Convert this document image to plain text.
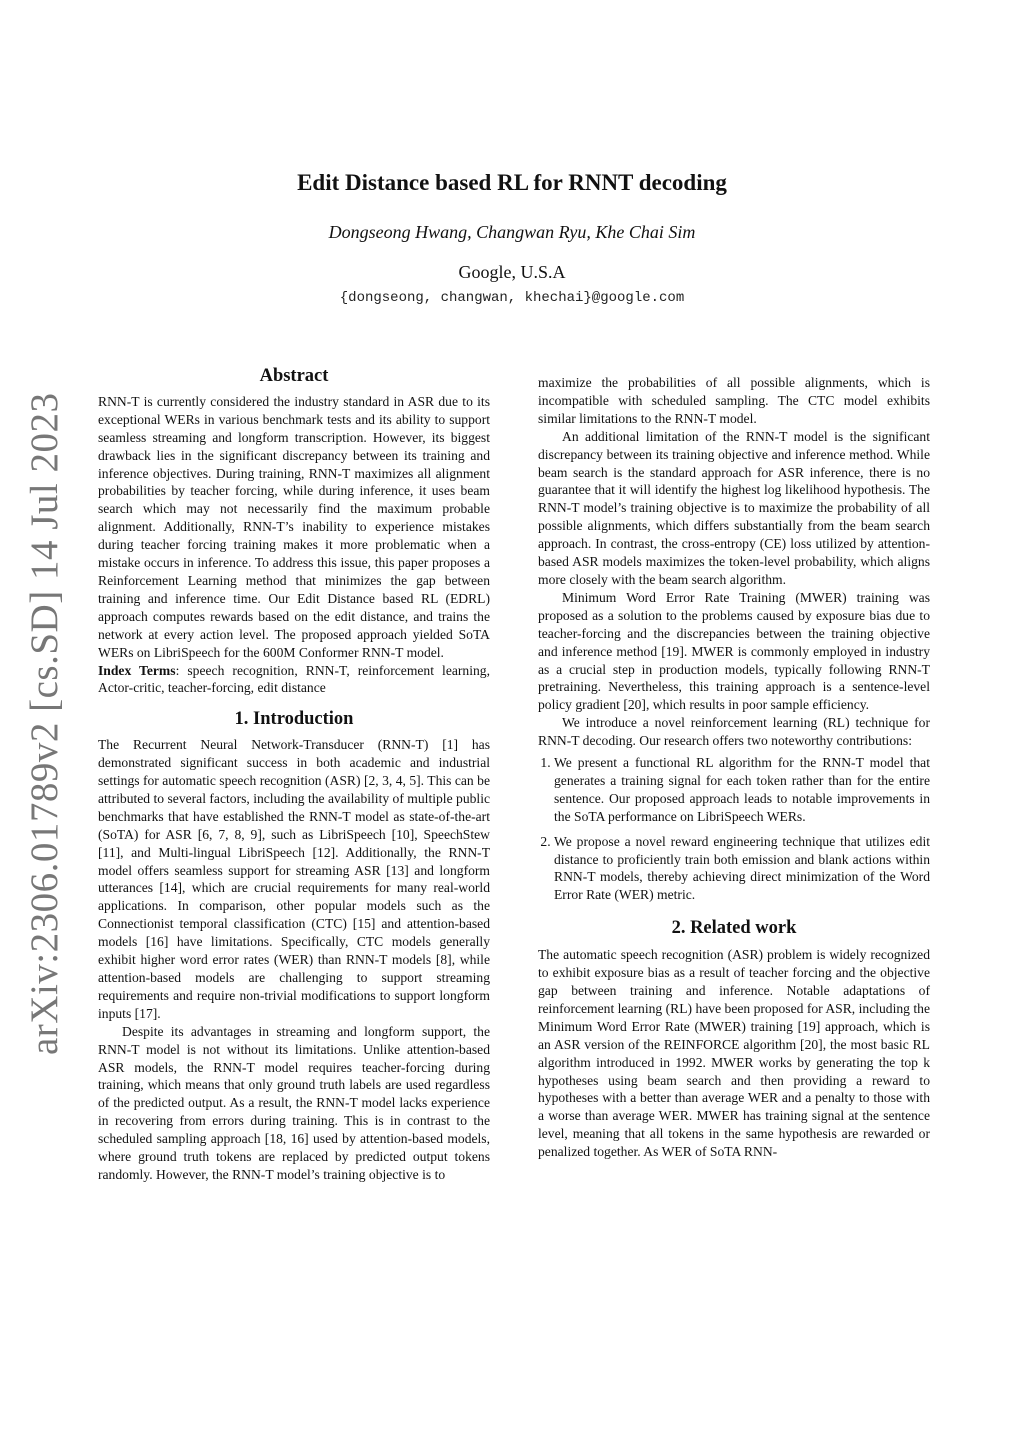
arXiv:2306.01789v2 [cs.SD] 14 Jul 2023
Edit Distance based RL for RNNT decoding
Dongseong Hwang, Changwan Ryu, Khe Chai Sim
Google, U.S.A
{dongseong, changwan, khechai}@google.com
Abstract

RNN-T is currently considered the industry standard in ASR due to its exceptional WERs in various benchmark tests and its ability to support seamless streaming and longform transcription. However, its biggest drawback lies in the significant discrepancy between its training and inference objectives. During training, RNN-T maximizes all alignment probabilities by teacher forcing, while during inference, it uses beam search which may not necessarily find the maximum probable alignment. Additionally, RNN-T’s inability to experience mistakes during teacher forcing training makes it more problematic when a mistake occurs in inference. To address this issue, this paper proposes a Reinforcement Learning method that minimizes the gap between training and inference time. Our Edit Distance based RL (EDRL) approach computes rewards based on the edit distance, and trains the network at every action level. The proposed approach yielded SoTA WERs on LibriSpeech for the 600M Conformer RNN-T model.

Index Terms: speech recognition, RNN-T, reinforcement learning, Actor-critic, teacher-forcing, edit distance

1. Introduction

The Recurrent Neural Network-Transducer (RNN-T) [1] has demonstrated significant success in both academic and industrial settings for automatic speech recognition (ASR) [2, 3, 4, 5]. This can be attributed to several factors, including the availability of multiple public benchmarks that have established the RNN-T model as state-of-the-art (SoTA) for ASR [6, 7, 8, 9], such as LibriSpeech [10], SpeechStew [11], and Multi-lingual LibriSpeech [12]. Additionally, the RNN-T model offers seamless support for streaming ASR [13] and longform utterances [14], which are crucial requirements for many real-world applications. In comparison, other popular models such as the Connectionist temporal classification (CTC) [15] and attention-based models [16] have limitations. Specifically, CTC models generally exhibit higher word error rates (WER) than RNN-T models [8], while attention-based models are challenging to support streaming requirements and require non-trivial modifications to support longform inputs [17].

Despite its advantages in streaming and longform support, the RNN-T model is not without its limitations. Unlike attention-based ASR models, the RNN-T model requires teacher-forcing during training, which means that only ground truth labels are used regardless of the predicted output. As a result, the RNN-T model lacks experience in recovering from errors during training. This is in contrast to the scheduled sampling approach [18, 16] used by attention-based models, where ground truth tokens are replaced by predicted output tokens randomly. However, the RNN-T model’s training objective is to

maximize the probabilities of all possible alignments, which is incompatible with scheduled sampling. The CTC model exhibits similar limitations to the RNN-T model.

An additional limitation of the RNN-T model is the significant discrepancy between its training objective and inference method. While beam search is the standard approach for ASR inference, there is no guarantee that it will identify the highest log likelihood hypothesis. The RNN-T model’s training objective is to maximize the probability of all possible alignments, which differs substantially from the beam search approach. In contrast, the cross-entropy (CE) loss utilized by attention-based ASR models maximizes the token-level probability, which aligns more closely with the beam search algorithm.

Minimum Word Error Rate Training (MWER) training was proposed as a solution to the problems caused by exposure bias due to teacher-forcing and the discrepancies between the training objective and inference method [19]. MWER is commonly employed in industry as a crucial step in production models, typically following RNN-T pretraining. Nevertheless, this training approach is a sentence-level policy gradient [20], which results in poor sample efficiency.

We introduce a novel reinforcement learning (RL) technique for RNN-T decoding. Our research offers two noteworthy contributions:

1. We present a functional RL algorithm for the RNN-T model that generates a training signal for each token rather than for the entire sentence. Our proposed approach leads to notable improvements in the SoTA performance on LibriSpeech WERs.
2. We propose a novel reward engineering technique that utilizes edit distance to proficiently train both emission and blank actions within RNN-T models, thereby achieving direct minimization of the Word Error Rate (WER) metric.
2. Related work

The automatic speech recognition (ASR) problem is widely recognized to exhibit exposure bias as a result of teacher forcing and the objective gap between training and inference. Notable adaptations of reinforcement learning (RL) have been proposed for ASR, including the Minimum Word Error Rate (MWER) training [19] approach, which is an ASR version of the REINFORCE algorithm [20], the most basic RL algorithm introduced in 1992. MWER works by generating the top k hypotheses using beam search and then providing a reward to hypotheses with a better than average WER and a penalty to those with a worse than average WER. MWER has training signal at the sentence level, meaning that all tokens in the same hypothesis are rewarded or penalized together. As WER of SoTA RNN-
